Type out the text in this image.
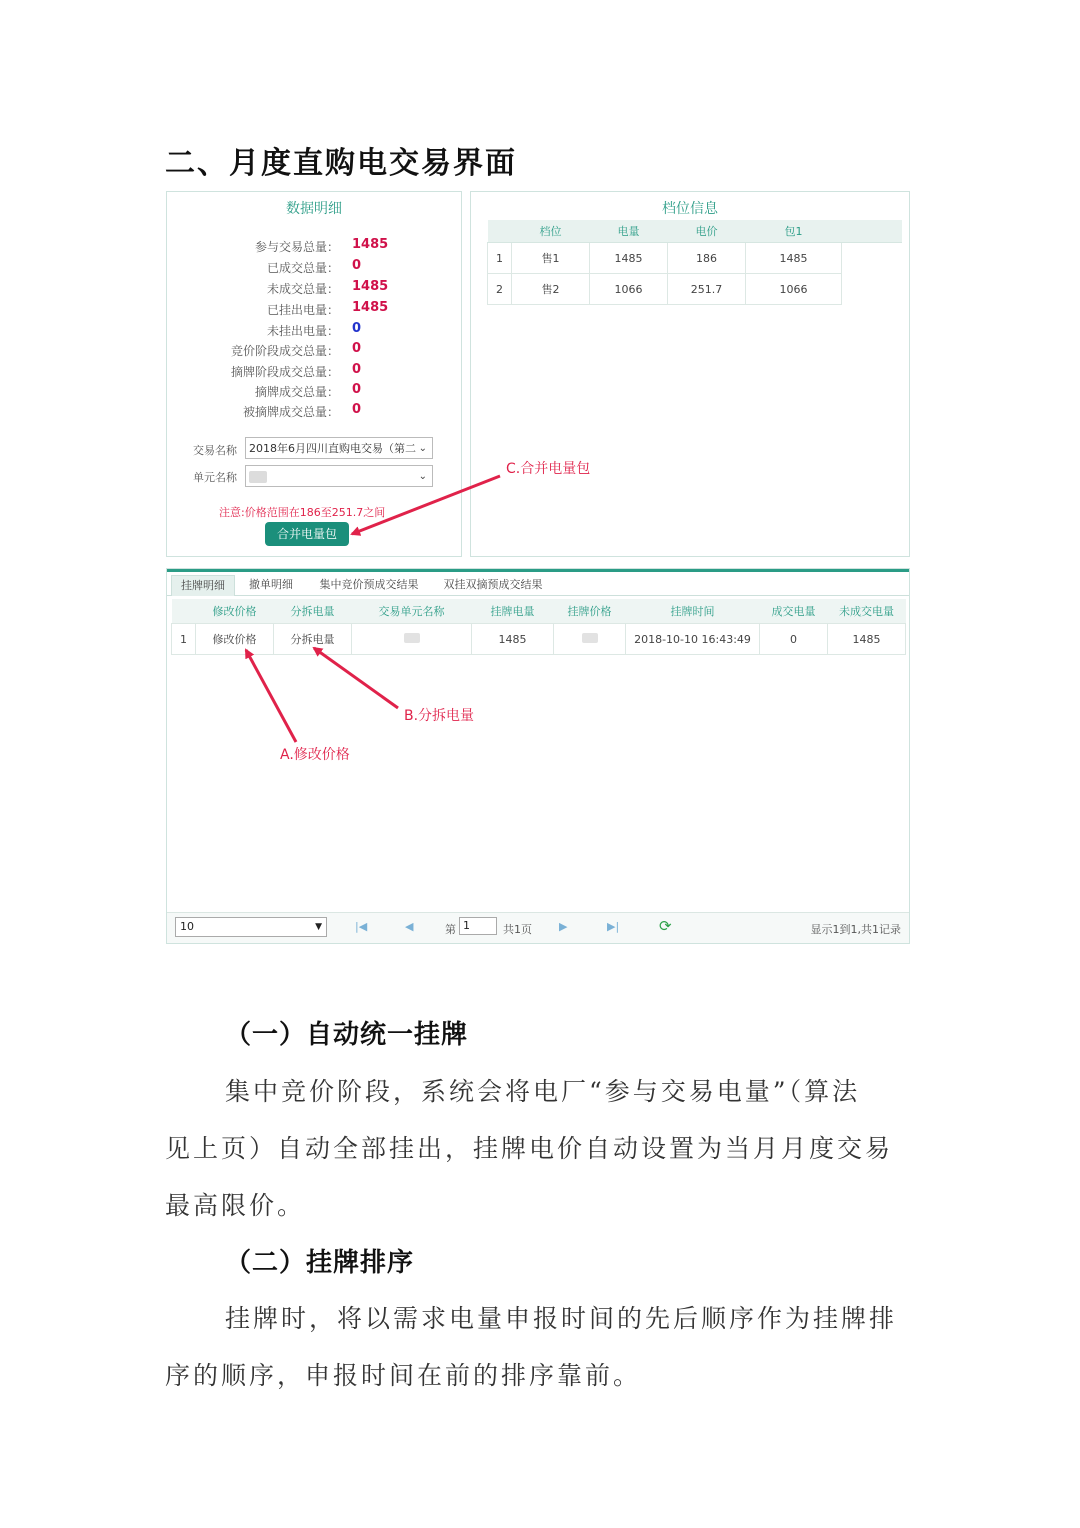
二、月度直购电交易界面
数据明细
参与交易总量： 1485
已成交总量： 0
未成交总量： 1485
已挂出电量： 1485
未挂出电量： 0
竞价阶段成交总量： 0
摘牌阶段成交总量： 0
摘牌成交总量： 0
被摘牌成交总量： 0
交易名称	2018年6月四川直购电交易（第二 ⌄
单元名称	⌄
注意:价格范围在186至251.7之间
合并电量包
档位信息
	档位	电量	电价	包1	
1	售1	1485	186	1485	
2	售2	1066	251.7	1066	
挂牌明细	撤单明细	集中竞价预成交结果	双挂双摘预成交结果
	修改价格	分拆电量	交易单元名称	挂牌电量	挂牌价格	挂牌时间	成交电量	未成交电量
1	修改价格	分拆电量		1485		2018-10-10 16:43:49	0	1485
10	▼	|◀	◀	第 1	共1页 ▶	▶|	⟳	显示1到1,共1记录
C.合并电量包
B.分拆电量
A.修改价格
（一）自动统一挂牌
集中竞价阶段，系统会将电厂“参与交易电量”（算法
见上页）自动全部挂出，挂牌电价自动设置为当月月度交易
最高限价。
（二）挂牌排序
挂牌时，将以需求电量申报时间的先后顺序作为挂牌排
序的顺序，申报时间在前的排序靠前。
